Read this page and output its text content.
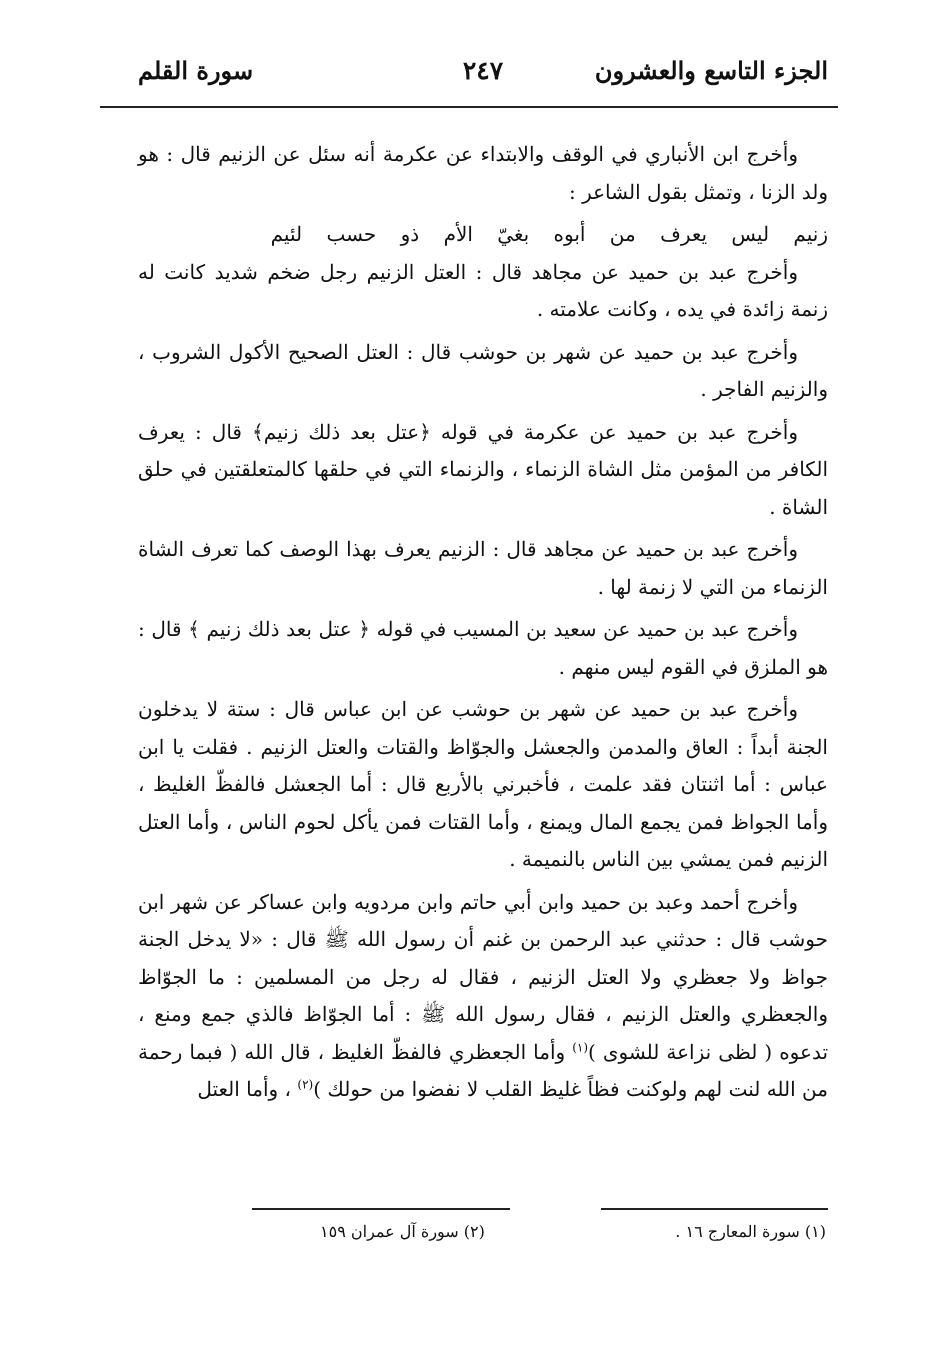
الجزء التاسع والعشرون
٢٤٧
سورة القلم

وأخرج ابن الأنباري في الوقف والابتداء عن عكرمة أنه سئل عن الزنيم قال : هو ولد الزنا ، وتمثل بقول الشاعر :

زنيم ليس يعرف من أبوه بغيّ الأم ذو حسب لئيم

وأخرج عبد بن حميد عن مجاهد قال : العتل الزنيم رجل ضخم شديد كانت له زنمة زائدة في يده ، وكانت علامته .

وأخرج عبد بن حميد عن شهر بن حوشب قال : العتل الصحيح الأكول الشروب ، والزنيم الفاجر .

وأخرج عبد بن حميد عن عكرمة في قوله ﴿عتل بعد ذلك زنيم﴾ قال : يعرف الكافر من المؤمن مثل الشاة الزنماء ، والزنماء التي في حلقها كالمتعلقتين في حلق الشاة .

وأخرج عبد بن حميد عن مجاهد قال : الزنيم يعرف بهذا الوصف كما تعرف الشاة الزنماء من التي لا زنمة لها .

وأخرج عبد بن حميد عن سعيد بن المسيب في قوله ﴿ عتل بعد ذلك زنيم ﴾ قال : هو الملزق في القوم ليس منهم .

وأخرج عبد بن حميد عن شهر بن حوشب عن ابن عباس قال : ستة لا يدخلون الجنة أبداً : العاق والمدمن والجعشل والجوّاظ والقتات والعتل الزنيم . فقلت يا ابن عباس : أما اثنتان فقد علمت ، فأخبرني بالأربع قال : أما الجعشل فالفظّ الغليظ ، وأما الجواظ فمن يجمع المال ويمنع ، وأما القتات فمن يأكل لحوم الناس ، وأما العتل الزنيم فمن يمشي بين الناس بالنميمة .

وأخرج أحمد وعبد بن حميد وابن أبي حاتم وابن مردويه وابن عساكر عن شهر ابن حوشب قال : حدثني عبد الرحمن بن غنم أن رسول الله ﷺ قال : «لا يدخل الجنة جواظ ولا جعظري ولا العتل الزنيم ، فقال له رجل من المسلمين : ما الجوّاظ والجعظري والعتل الزنيم ، فقال رسول الله ﷺ : أما الجوّاظ فالذي جمع ومنع ، تدعوه ( لظى نزاعة للشوى )$^{(١)}$ وأما الجعظري فالفظّ الغليظ ، قال الله ( فبما رحمة من الله لنت لهم ولوكنت فظاً غليظ القلب لا نفضوا من حولك )$^{(٢)}$ ، وأما العتل

(١) سورة المعارج ١٦ .
(٢) سورة آل عمران ١٥٩
